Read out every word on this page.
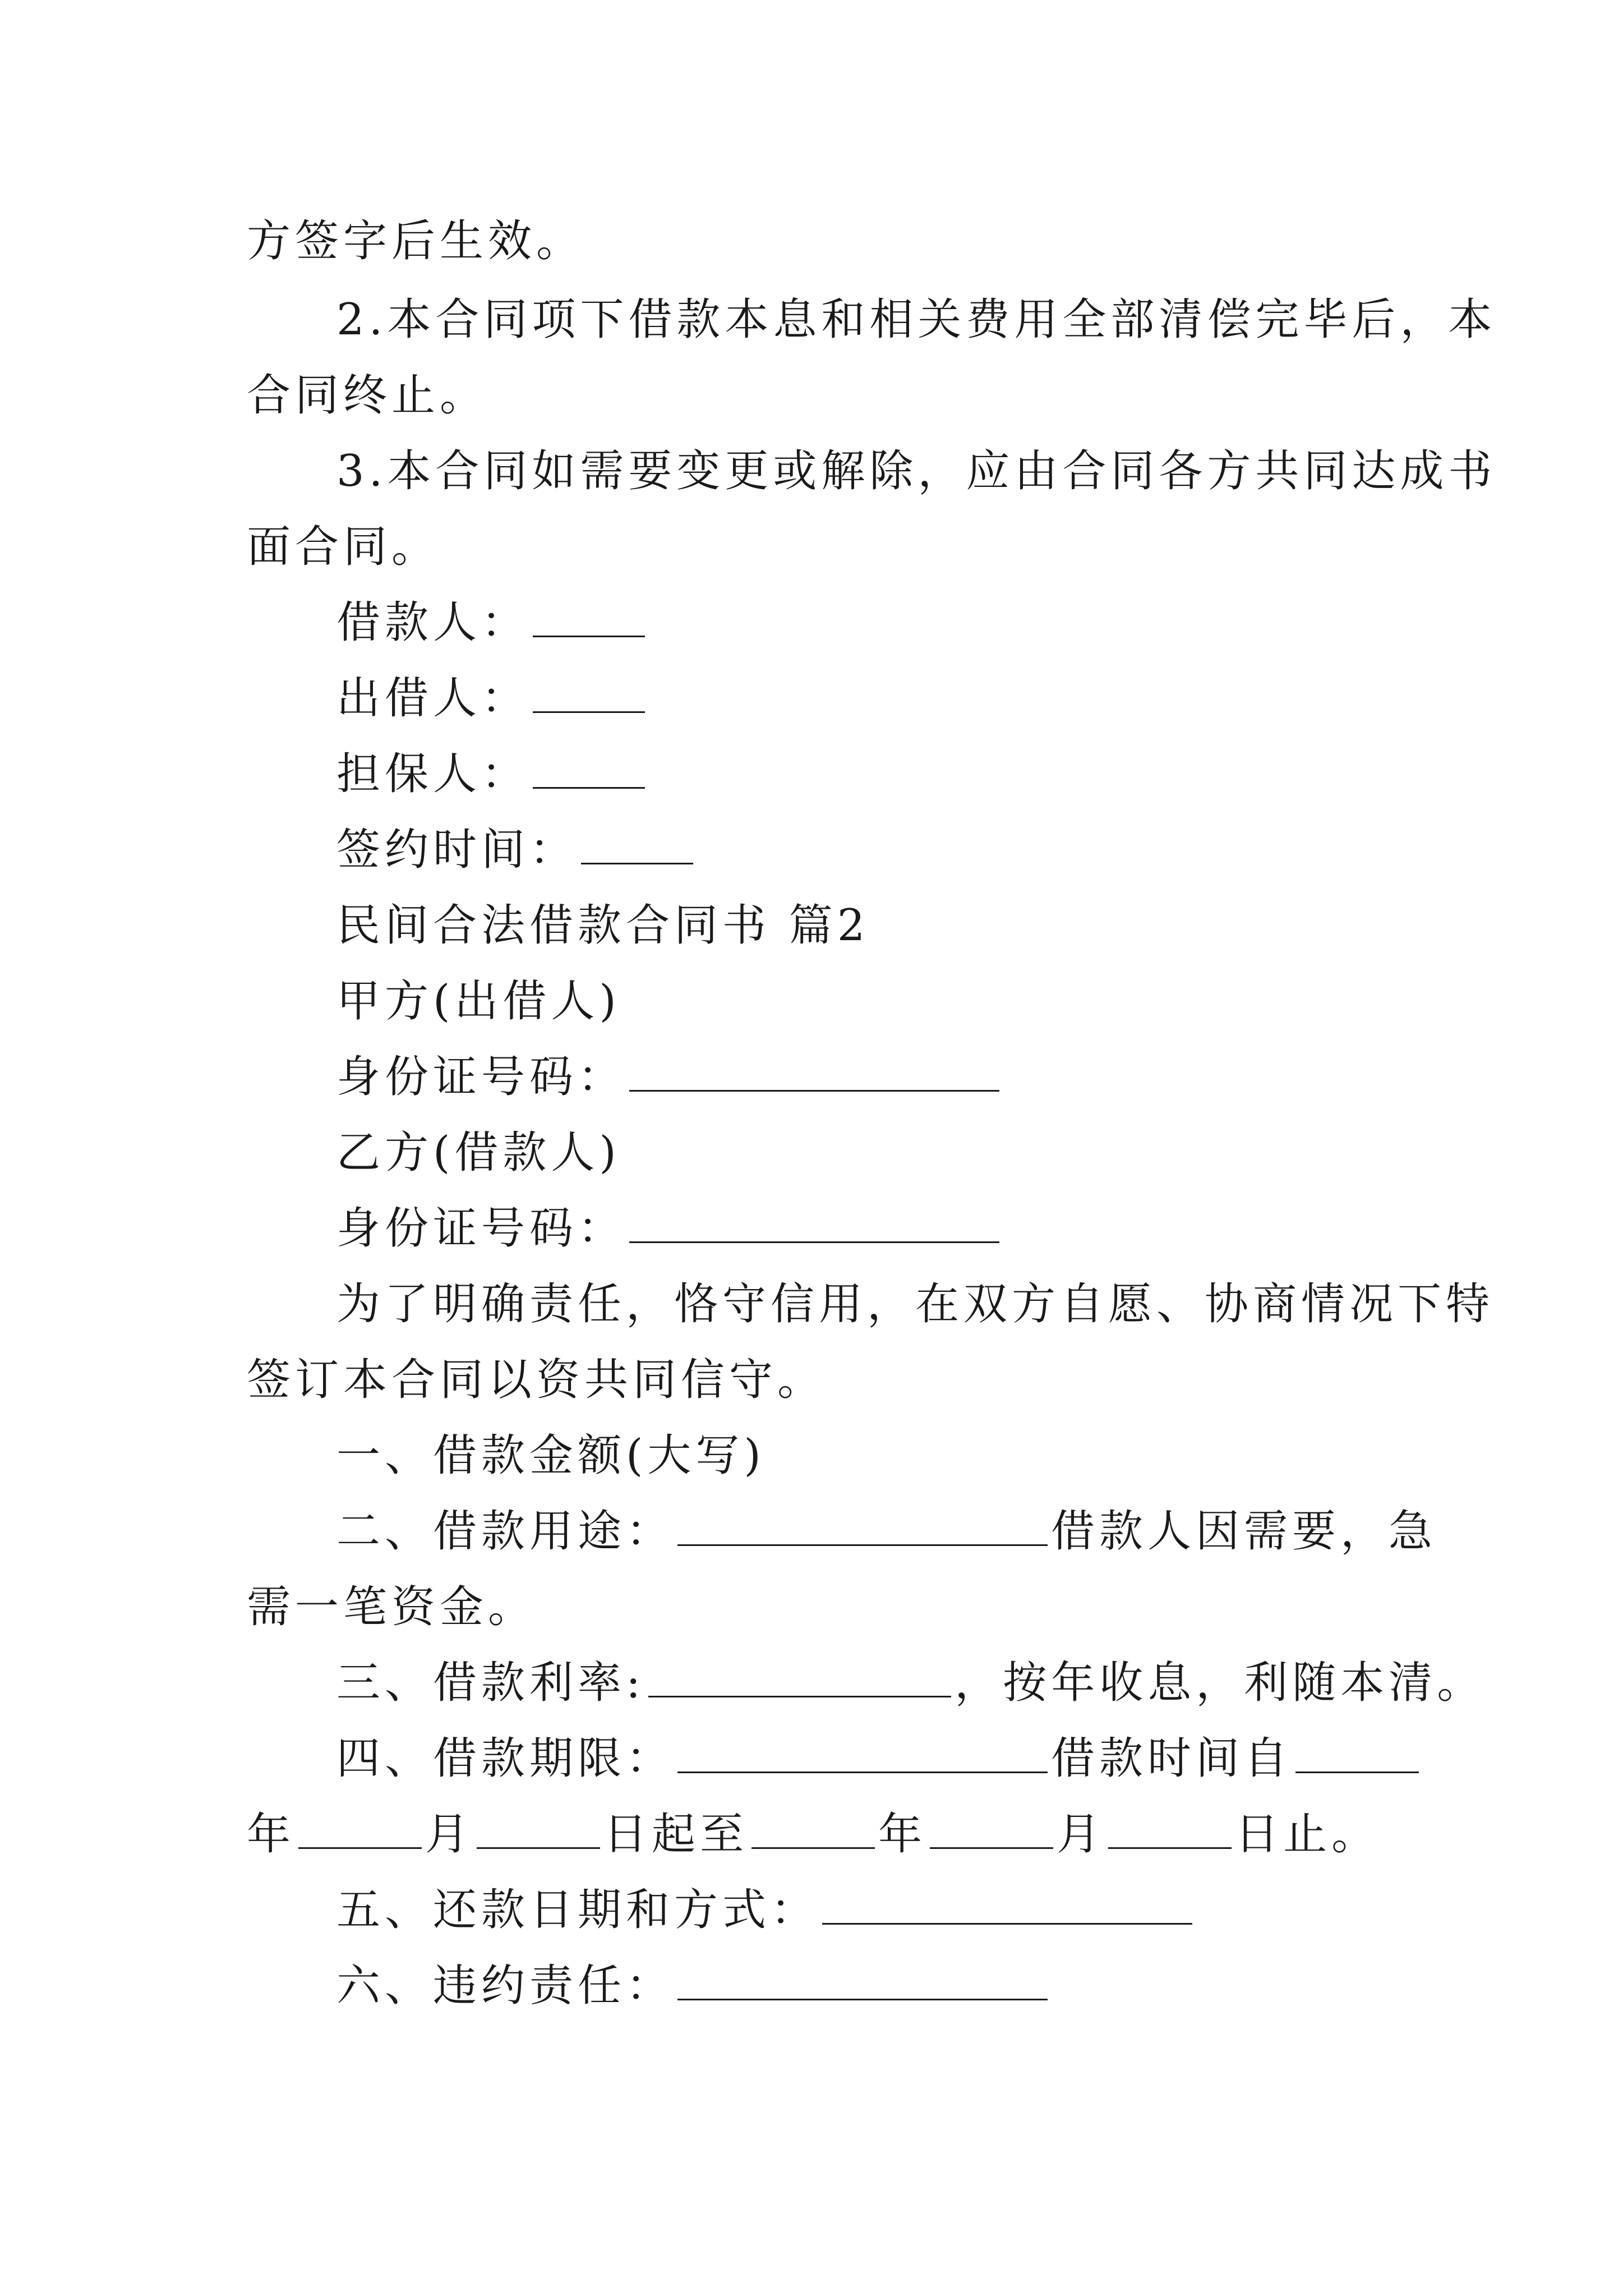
方签字后生效。
2.本合同项下借款本息和相关费用全部清偿完毕后，本
合同终止。
3.本合同如需要变更或解除，应由合同各方共同达成书
面合同。
借款人：
出借人：
担保人：
签约时间：
民间合法借款合同书 篇2
甲方(出借人)
身份证号码：
乙方(借款人)
身份证号码：
为了明确责任，恪守信用，在双方自愿、协商情况下特
签订本合同以资共同信守。
一、借款金额(大写)
二、借款用途：	借款人因需要，急
需一笔资金。
三、借款利率:	，按年收息，利随本清。
四、借款期限：	借款时间自
年	月	日起至	年	月	日止。
五、还款日期和方式：
六、违约责任：
